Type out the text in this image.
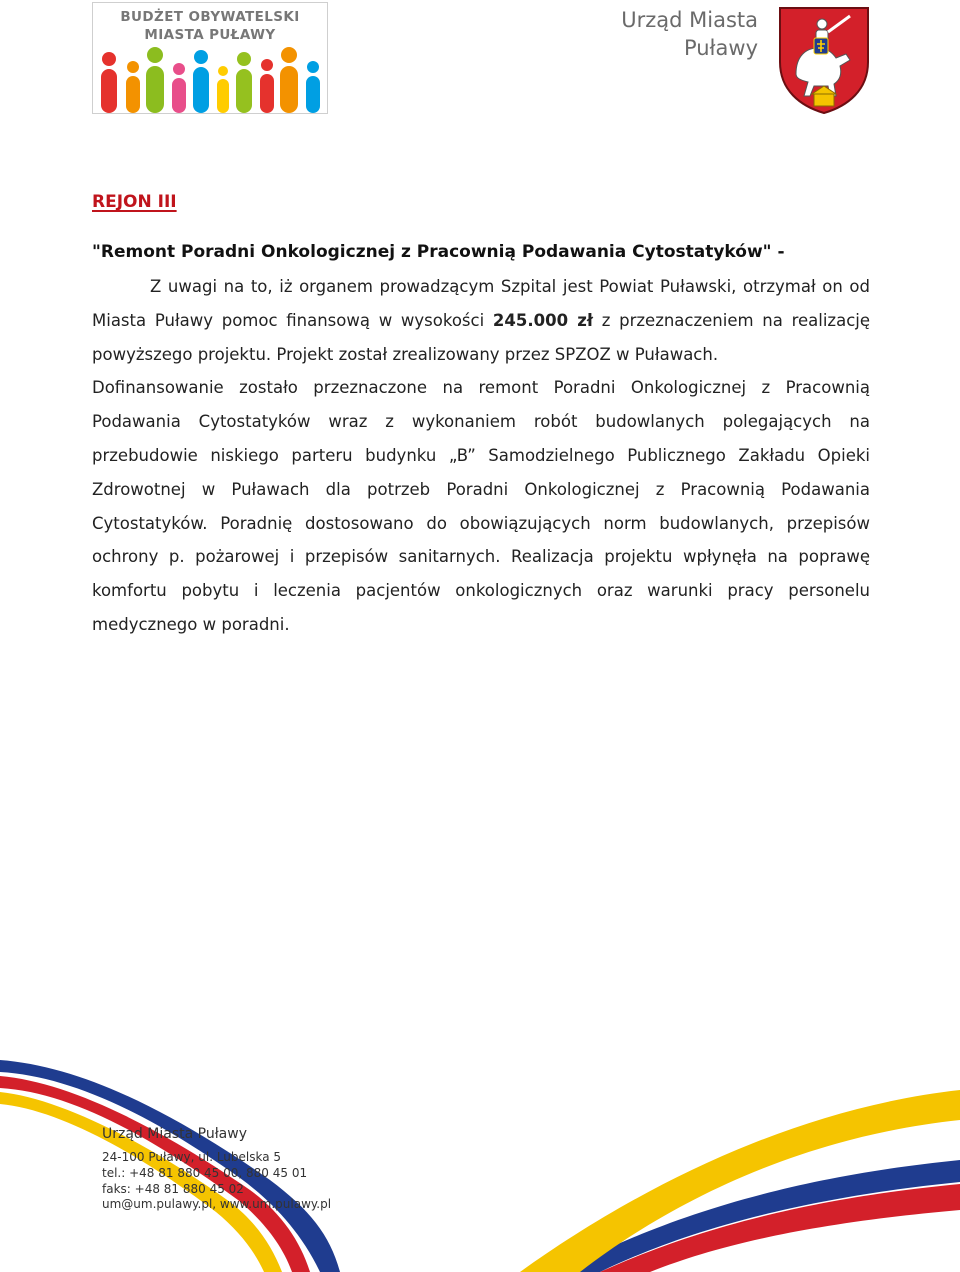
BUDŻET OBYWATELSKI
MIASTA PUŁAWY
Urząd Miasta
Puławy
REJON III
"Remont Poradni Onkologicznej z Pracownią Podawania Cytostatyków" -

Z uwagi na to, iż organem prowadzącym Szpital jest Powiat Puławski, otrzymał on od Miasta Puławy pomoc finansową w wysokości 245.000 zł z przeznaczeniem na realizację powyższego projektu. Projekt został zrealizowany przez SPZOZ w Puławach.

Dofinansowanie zostało przeznaczone na remont Poradni Onkologicznej z Pracownią Podawania Cytostatyków wraz z wykonaniem robót budowlanych polegających na przebudowie niskiego parteru budynku „B” Samodzielnego Publicznego Zakładu Opieki Zdrowotnej w Puławach dla potrzeb Poradni Onkologicznej z Pracownią Podawania Cytostatyków. Poradnię dostosowano do obowiązujących norm budowlanych, przepisów ochrony p. pożarowej i przepisów sanitarnych. Realizacja projektu wpłynęła na poprawę komfortu pobytu i leczenia pacjentów onkologicznych oraz warunki pracy personelu medycznego w poradni.

Urząd Miasta Puławy
24-100 Puławy, ul. Lubelska 5
tel.: +48 81 880 45 00, 880 45 01
faks: +48 81 880 45 02
um@um.pulawy.pl, www.um.pulawy.pl
